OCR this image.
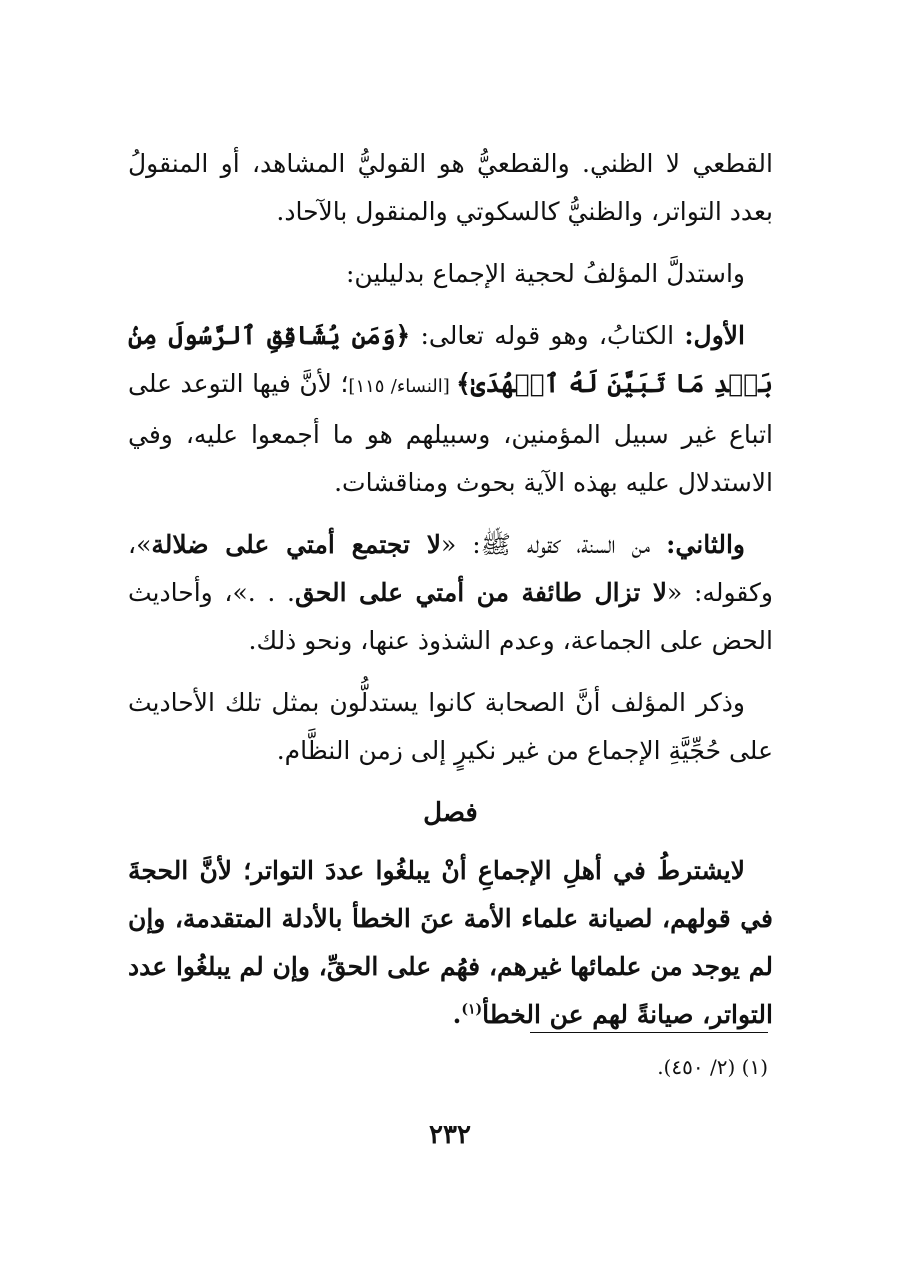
القطعي لا الظني. والقطعيُّ هو القوليُّ المشاهد، أو المنقولُ بعدد التواتر، والظنيُّ كالسكوتي والمنقول بالآحاد.

واستدلَّ المؤلفُ لحجية الإجماع بدليلين:

الأول: الكتابُ، وهو قوله تعالى: ﴿وَمَن يُشَاقِقِ ٱلرَّسُولَ مِنۢ بَعۡدِ مَا تَبَيَّنَ لَهُ ٱلۡهُدَىٰ﴾ [النساء/ ١١٥]؛ لأنَّ فيها التوعد على اتباع غير سبيل المؤمنين، وسبيلهم هو ما أجمعوا عليه، وفي الاستدلال عليه بهذه الآية بحوث ومناقشات.

والثاني: من السنة، كقوله ﷺ: «لا تجتمع أمتي على ضلالة»، وكقوله: «لا تزال طائفة من أمتي على الحق. . .»، وأحاديث الحض على الجماعة، وعدم الشذوذ عنها، ونحو ذلك.

وذكر المؤلف أنَّ الصحابة كانوا يستدلُّون بمثل تلك الأحاديث على حُجِّيَّةِ الإجماع من غير نكيرٍ إلى زمن النظَّام.

فصل

لايشترطُ في أهلِ الإجماعِ أنْ يبلغُوا عددَ التواتر؛ لأنَّ الحجةَ في قولهم، لصيانة علماء الأمة عنَ الخطأ بالأدلة المتقدمة، وإن لم يوجد من علمائها غيرهم، فهُم على الحقِّ، وإن لم يبلغُوا عدد التواتر، صيانةً لهم عن الخطأ$^{(١)}$.

(١) (٢/ ٤٥٠).
٢٣٢
